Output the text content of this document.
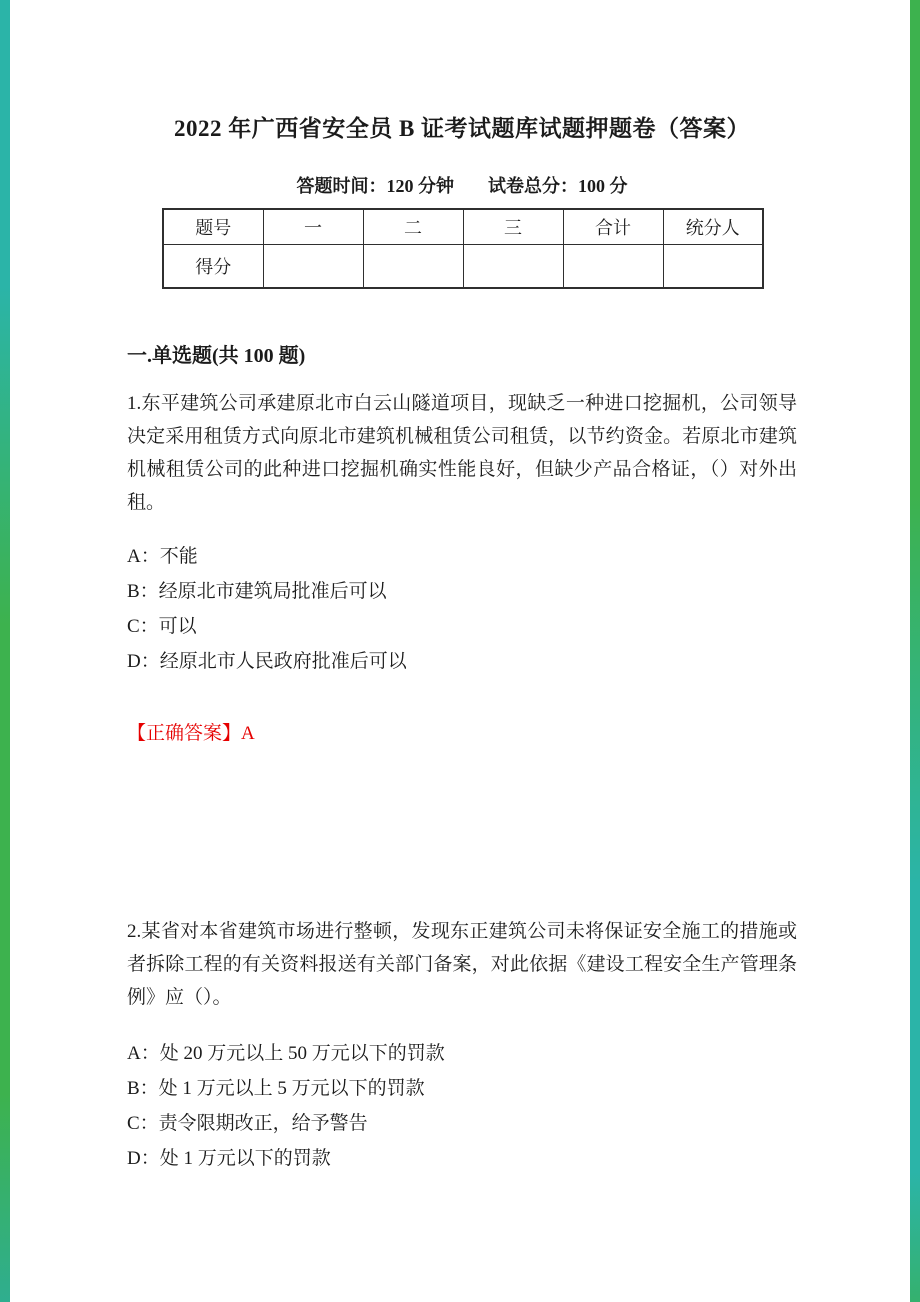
2022 年广西省安全员 B 证考试题库试题押题卷（答案）
答题时间：120 分钟 试卷总分：100 分
题号	一	二	三	合计	统分人
得分					
一.单选题(共 100 题)

1.东平建筑公司承建原北市白云山隧道项目，现缺乏一种进口挖掘机，公司领导决定采用租赁方式向原北市建筑机械租赁公司租赁，以节约资金。若原北市建筑机械租赁公司的此种进口挖掘机确实性能良好，但缺少产品合格证，（）对外出租。

A：不能

B：经原北市建筑局批准后可以

C：可以

D：经原北市人民政府批准后可以

【正确答案】A

2.某省对本省建筑市场进行整顿，发现东正建筑公司未将保证安全施工的措施或者拆除工程的有关资料报送有关部门备案，对此依据《建设工程安全生产管理条例》应（）。

A：处 20 万元以上 50 万元以下的罚款

B：处 1 万元以上 5 万元以下的罚款

C：责令限期改正，给予警告

D：处 1 万元以下的罚款
